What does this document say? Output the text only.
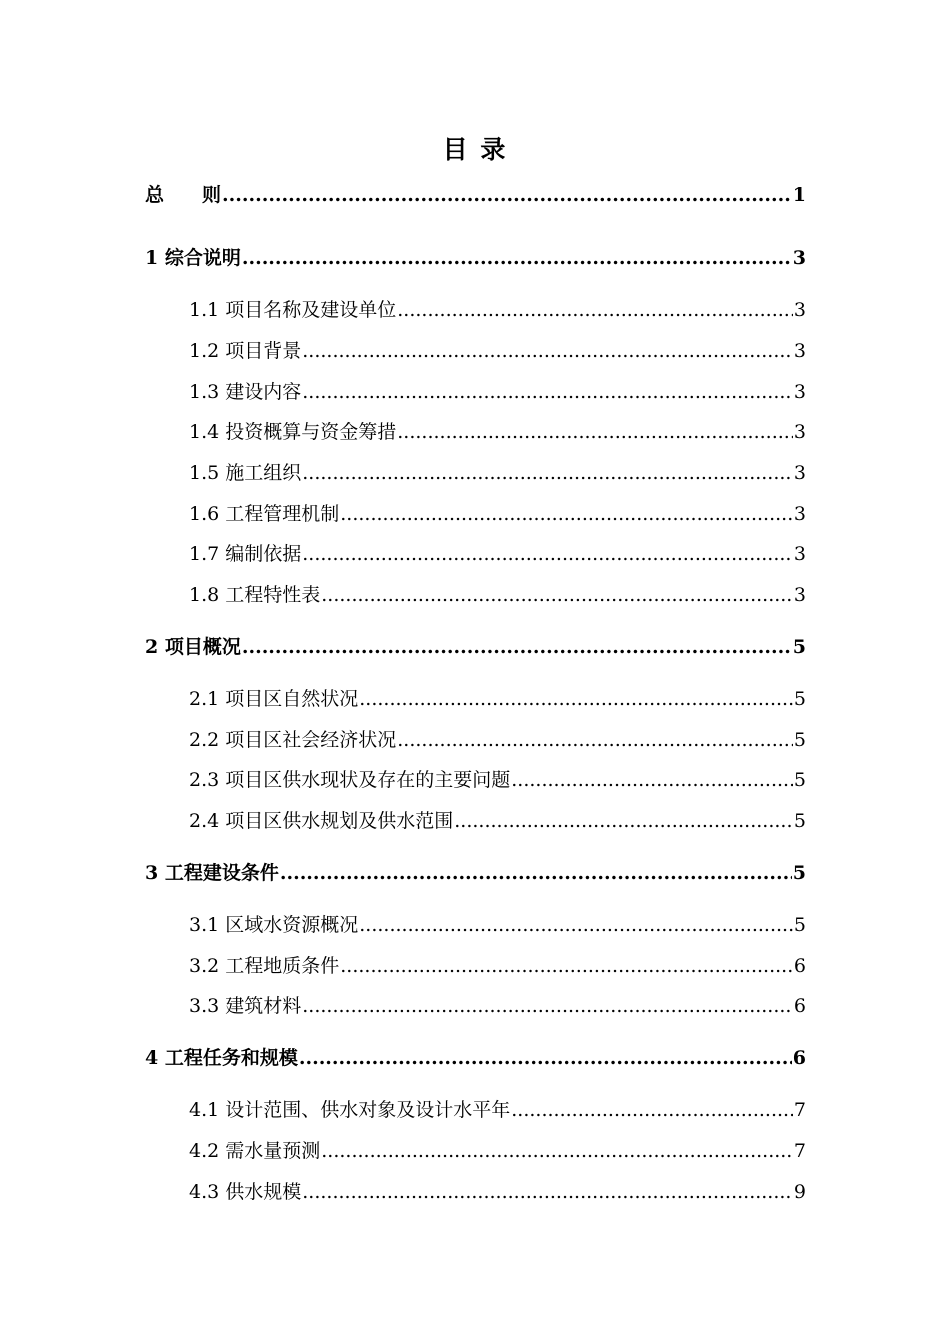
目 录
总　　则 .....	1
1 综合说明 .....	3
1.1 项目名称及建设单位 .....	3
1.2 项目背景 .....	3
1.3 建设内容 .....	3
1.4 投资概算与资金筹措 .....	3
1.5 施工组织 .....	3
1.6 工程管理机制 .....	3
1.7 编制依据 .....	3
1.8 工程特性表 .....	3
2 项目概况 .....	5
2.1 项目区自然状况 .....	5
2.2 项目区社会经济状况 .....	5
2.3 项目区供水现状及存在的主要问题 .....	5
2.4 项目区供水规划及供水范围 .....	5
3 工程建设条件 .....	5
3.1 区域水资源概况 .....	5
3.2 工程地质条件 .....	6
3.3 建筑材料 .....	6
4 工程任务和规模 .....	6
4.1 设计范围、供水对象及设计水平年 .....	7
4.2 需水量预测 .....	7
4.3 供水规模 .....	9
